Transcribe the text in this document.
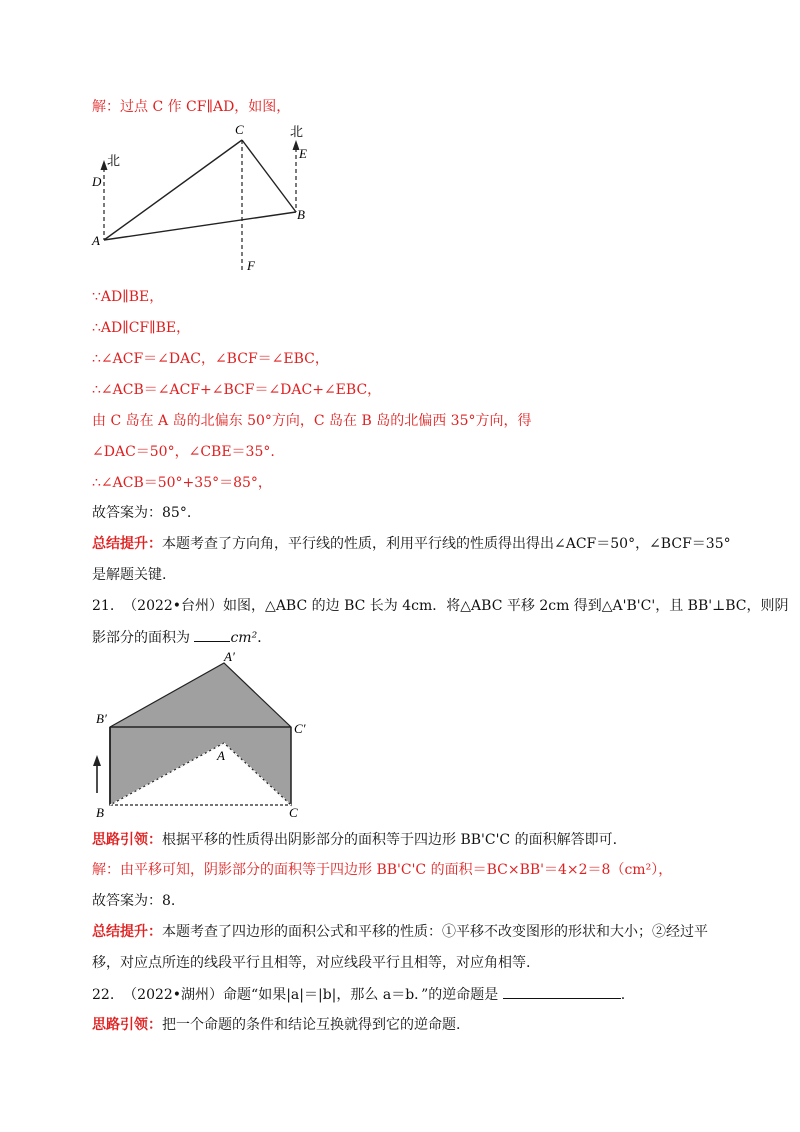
解：过点 C 作 CF∥AD，如图，
北
D
北
E
A
B
C
F
∵AD∥BE，
∴AD∥CF∥BE，
∴∠ACF＝∠DAC，∠BCF＝∠EBC，
∴∠ACB＝∠ACF+∠BCF＝∠DAC+∠EBC，
由 C 岛在 A 岛的北偏东 50°方向，C 岛在 B 岛的北偏西 35°方向，得
∠DAC＝50°，∠CBE＝35°.
∴∠ACB＝50°+35°＝85°，
故答案为：85°.
总结提升：本题考查了方向角，平行线的性质，利用平行线的性质得出得出∠ACF＝50°，∠BCF＝35°
是解题关键.
21. （2022•台州）如图，△ABC 的边 BC 长为 4cm．将△ABC 平移 2cm 得到△A'B'C'，且 BB'⊥BC，则阴
影部分的面积为	cm²．
A′
B′
C′
A
B	C
思路引领：根据平移的性质得出阴影部分的面积等于四边形 BB'C'C 的面积解答即可.
解：由平移可知，阴影部分的面积等于四边形 BB'C'C 的面积＝BC×BB'＝4×2＝8（cm²），
故答案为：8.
总结提升：本题考查了四边形的面积公式和平移的性质：①平移不改变图形的形状和大小；②经过平
移，对应点所连的线段平行且相等，对应线段平行且相等，对应角相等.
22. （2022•湖州）命题“如果|a|＝|b|，那么 a＝b．”的逆命题是	.
思路引领：把一个命题的条件和结论互换就得到它的逆命题.
